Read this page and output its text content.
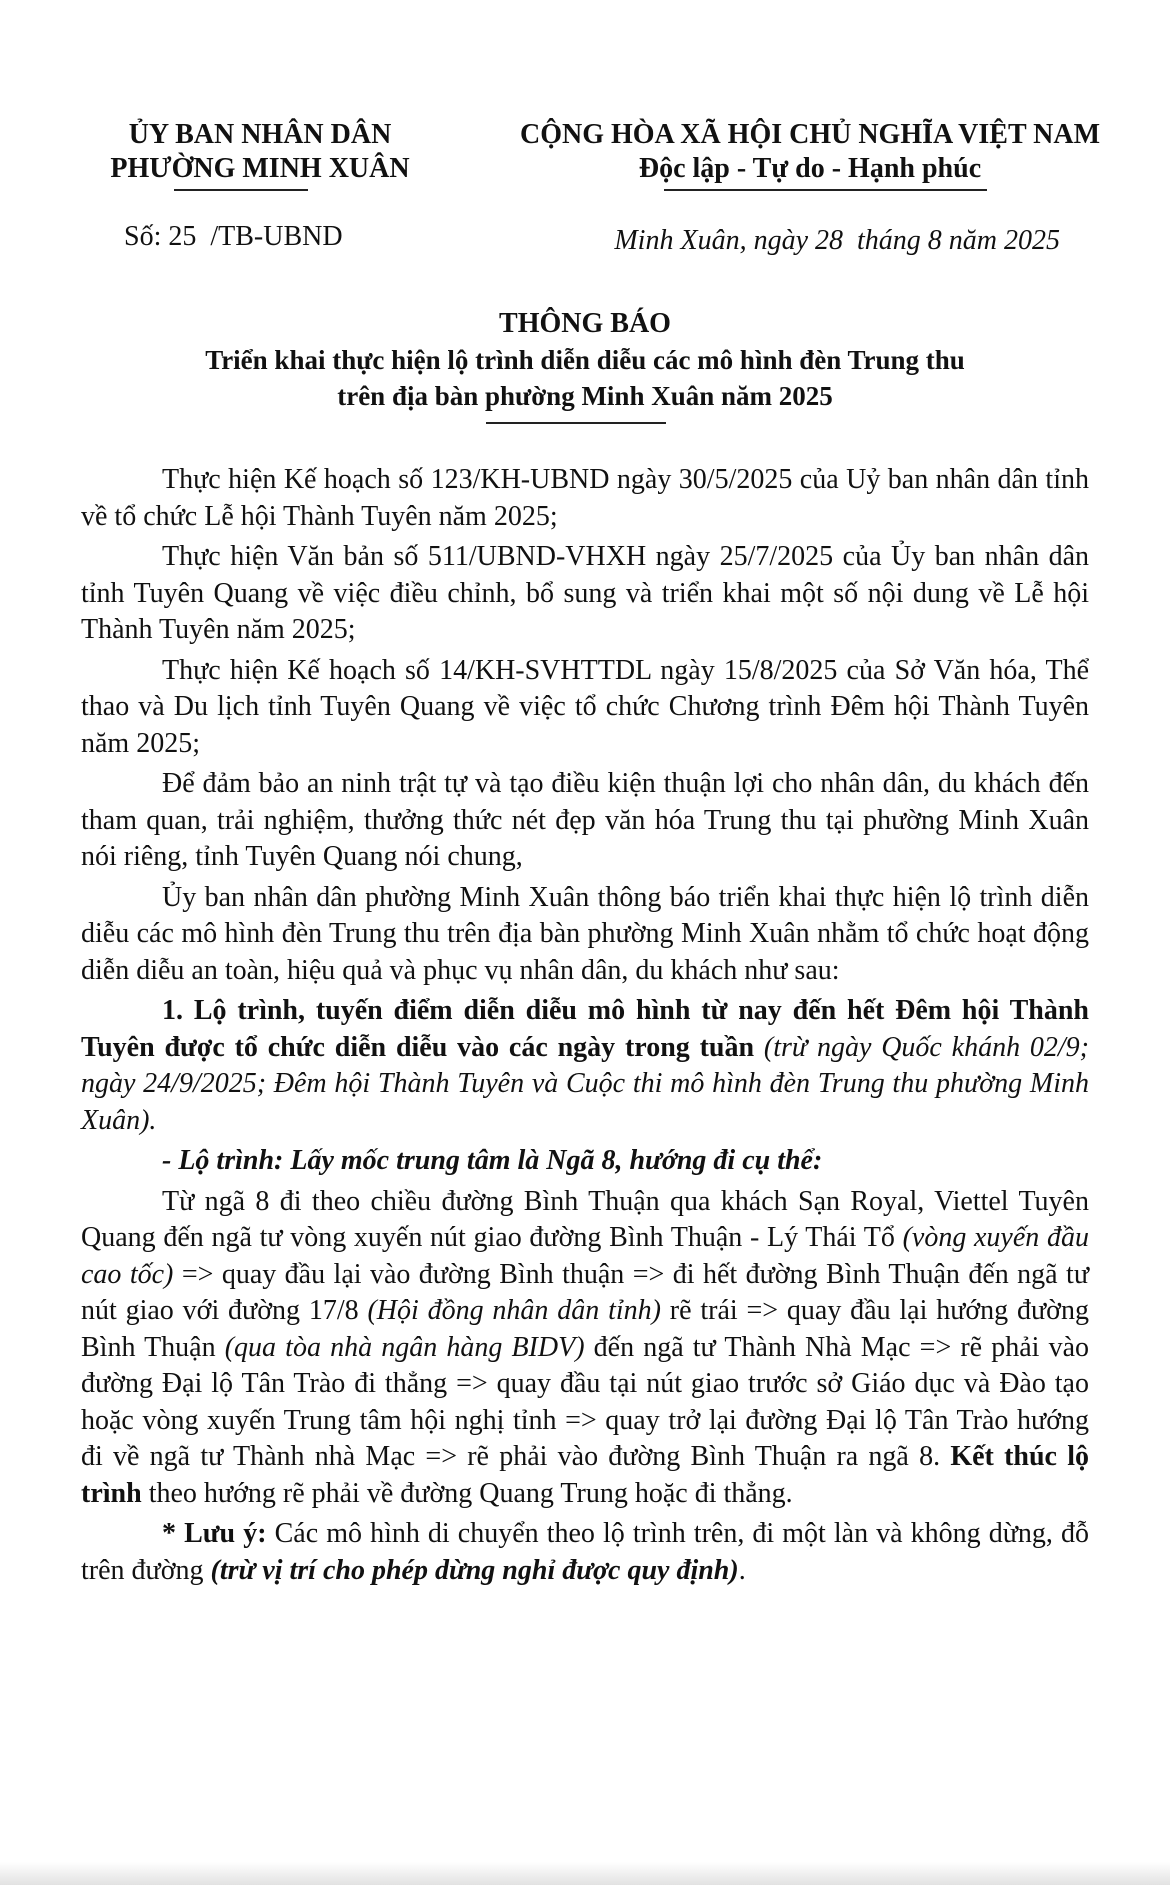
ỦY BAN NHÂN DÂN
PHƯỜNG MINH XUÂN
CỘNG HÒA XÃ HỘI CHỦ NGHĨA VIỆT NAM
Độc lập - Tự do - Hạnh phúc
Số: 25  /TB-UBND	Minh Xuân, ngày 28  tháng 8 năm 2025
THÔNG BÁO
Triển khai thực hiện lộ trình diễn diễu các mô hình đèn Trung thu
trên địa bàn phường Minh Xuân năm 2025

Thực hiện Kế hoạch số 123/KH-UBND ngày 30/5/2025 của Uỷ ban nhân dân tỉnh về tổ chức Lễ hội Thành Tuyên năm 2025;

Thực hiện Văn bản số 511/UBND-VHXH ngày 25/7/2025 của Ủy ban nhân dân tỉnh Tuyên Quang về việc điều chỉnh, bổ sung và triển khai một số nội dung về Lễ hội Thành Tuyên năm 2025;

Thực hiện Kế hoạch số 14/KH-SVHTTDL ngày 15/8/2025 của Sở Văn hóa, Thể thao và Du lịch tỉnh Tuyên Quang về việc tổ chức Chương trình Đêm hội Thành Tuyên năm 2025;

Để đảm bảo an ninh trật tự và tạo điều kiện thuận lợi cho nhân dân, du khách đến tham quan, trải nghiệm, thưởng thức nét đẹp văn hóa Trung thu tại phường Minh Xuân nói riêng, tỉnh Tuyên Quang nói chung,

Ủy ban nhân dân phường Minh Xuân thông báo triển khai thực hiện lộ trình diễn diễu các mô hình đèn Trung thu trên địa bàn phường Minh Xuân nhằm tổ chức hoạt động diễn diễu an toàn, hiệu quả và phục vụ nhân dân, du khách như sau:

1. Lộ trình, tuyến điểm diễn diễu mô hình từ nay đến hết Đêm hội Thành Tuyên được tổ chức diễn diễu vào các ngày trong tuần (trừ ngày Quốc khánh 02/9; ngày 24/9/2025; Đêm hội Thành Tuyên và Cuộc thi mô hình đèn Trung thu phường Minh Xuân).

- Lộ trình: Lấy mốc trung tâm là Ngã 8, hướng đi cụ thể:

Từ ngã 8 đi theo chiều đường Bình Thuận qua khách Sạn Royal, Viettel Tuyên Quang đến ngã tư vòng xuyến nút giao đường Bình Thuận - Lý Thái Tổ (vòng xuyến đầu cao tốc) => quay đầu lại vào đường Bình thuận => đi hết đường Bình Thuận đến ngã tư nút giao với đường 17/8 (Hội đồng nhân dân tỉnh) rẽ trái => quay đầu lại hướng đường Bình Thuận (qua tòa nhà ngân hàng BIDV) đến ngã tư Thành Nhà Mạc => rẽ phải vào đường Đại lộ Tân Trào đi thẳng => quay đầu tại nút giao trước sở Giáo dục và Đào tạo hoặc vòng xuyến Trung tâm hội nghị tỉnh => quay trở lại đường Đại lộ Tân Trào hướng đi về ngã tư Thành nhà Mạc => rẽ phải vào đường Bình Thuận ra ngã 8. Kết thúc lộ trình theo hướng rẽ phải về đường Quang Trung hoặc đi thẳng.

* Lưu ý: Các mô hình di chuyển theo lộ trình trên, đi một làn và không dừng, đỗ trên đường (trừ vị trí cho phép dừng nghỉ được quy định).
